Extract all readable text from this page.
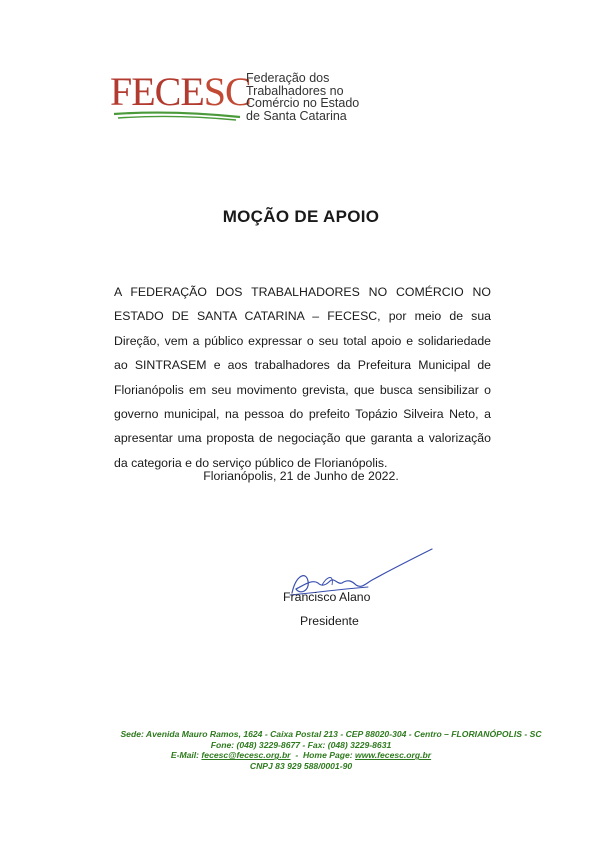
FECESC
Federação dos
Trabalhadores no
Comércio no Estado
de Santa Catarina
MOÇÃO DE APOIO
A FEDERAÇÃO DOS TRABALHADORES NO COMÉRCIO NO ESTADO DE SANTA CATARINA – FECESC, por meio de sua Direção, vem a público expressar o seu total apoio e solidariedade ao SINTRASEM e aos trabalhadores da Prefeitura Municipal de Florianópolis em seu movimento grevista, que busca sensibilizar o governo municipal, na pessoa do prefeito Topázio Silveira Neto, a apresentar uma proposta de negociação que garanta a valorização da categoria e do serviço público de Florianópolis.
Florianópolis, 21 de Junho de 2022.
Francisco Alano
Presidente
Sede: Avenida Mauro Ramos, 1624 - Caixa Postal 213 - CEP 88020-304 - Centro – FLORIANÓPOLIS - SC
Fone: (048) 3229-8677 - Fax: (048) 3229-8631
E-Mail: fecesc@fecesc.org.br  -  Home Page: www.fecesc.org.br
CNPJ 83 929 588/0001-90
